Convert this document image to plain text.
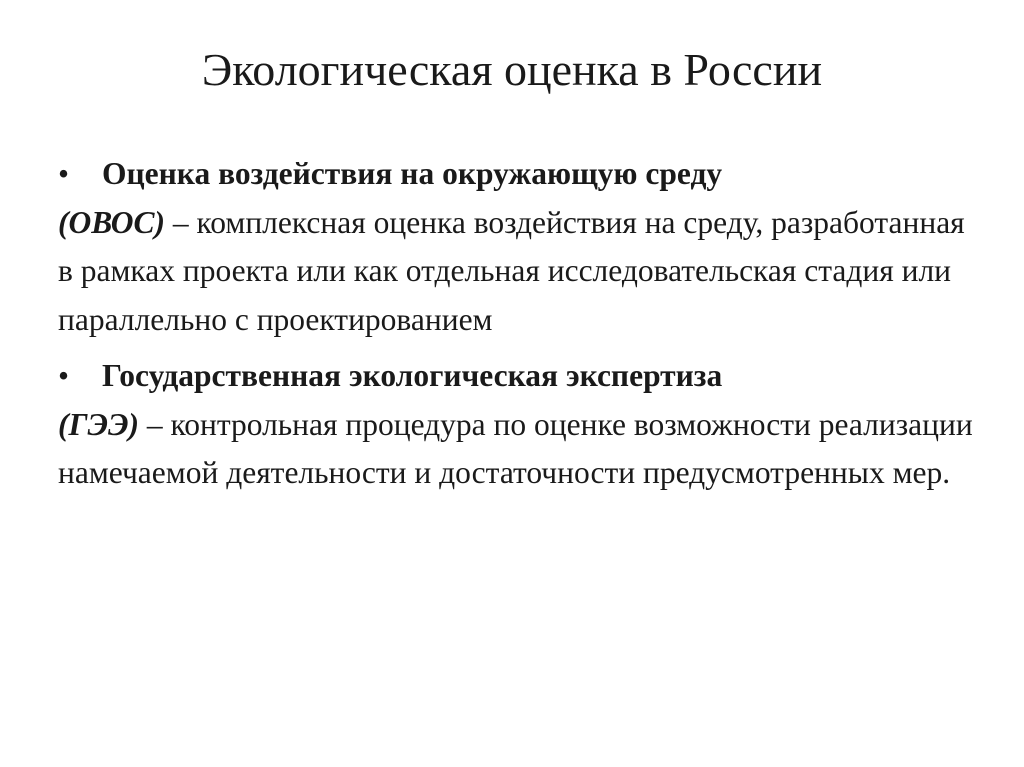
Экологическая оценка в России

• Оценка воздействия на окружающую среду
(ОВОС) – комплексная оценка воздействия на среду, разработанная в рамках проекта или как отдельная исследовательская стадия или параллельно с проектированием

• Государственная экологическая экспертиза
(ГЭЭ) – контрольная процедура по оценке возможности реализации намечаемой деятельности и достаточности предусмотренных мер.
